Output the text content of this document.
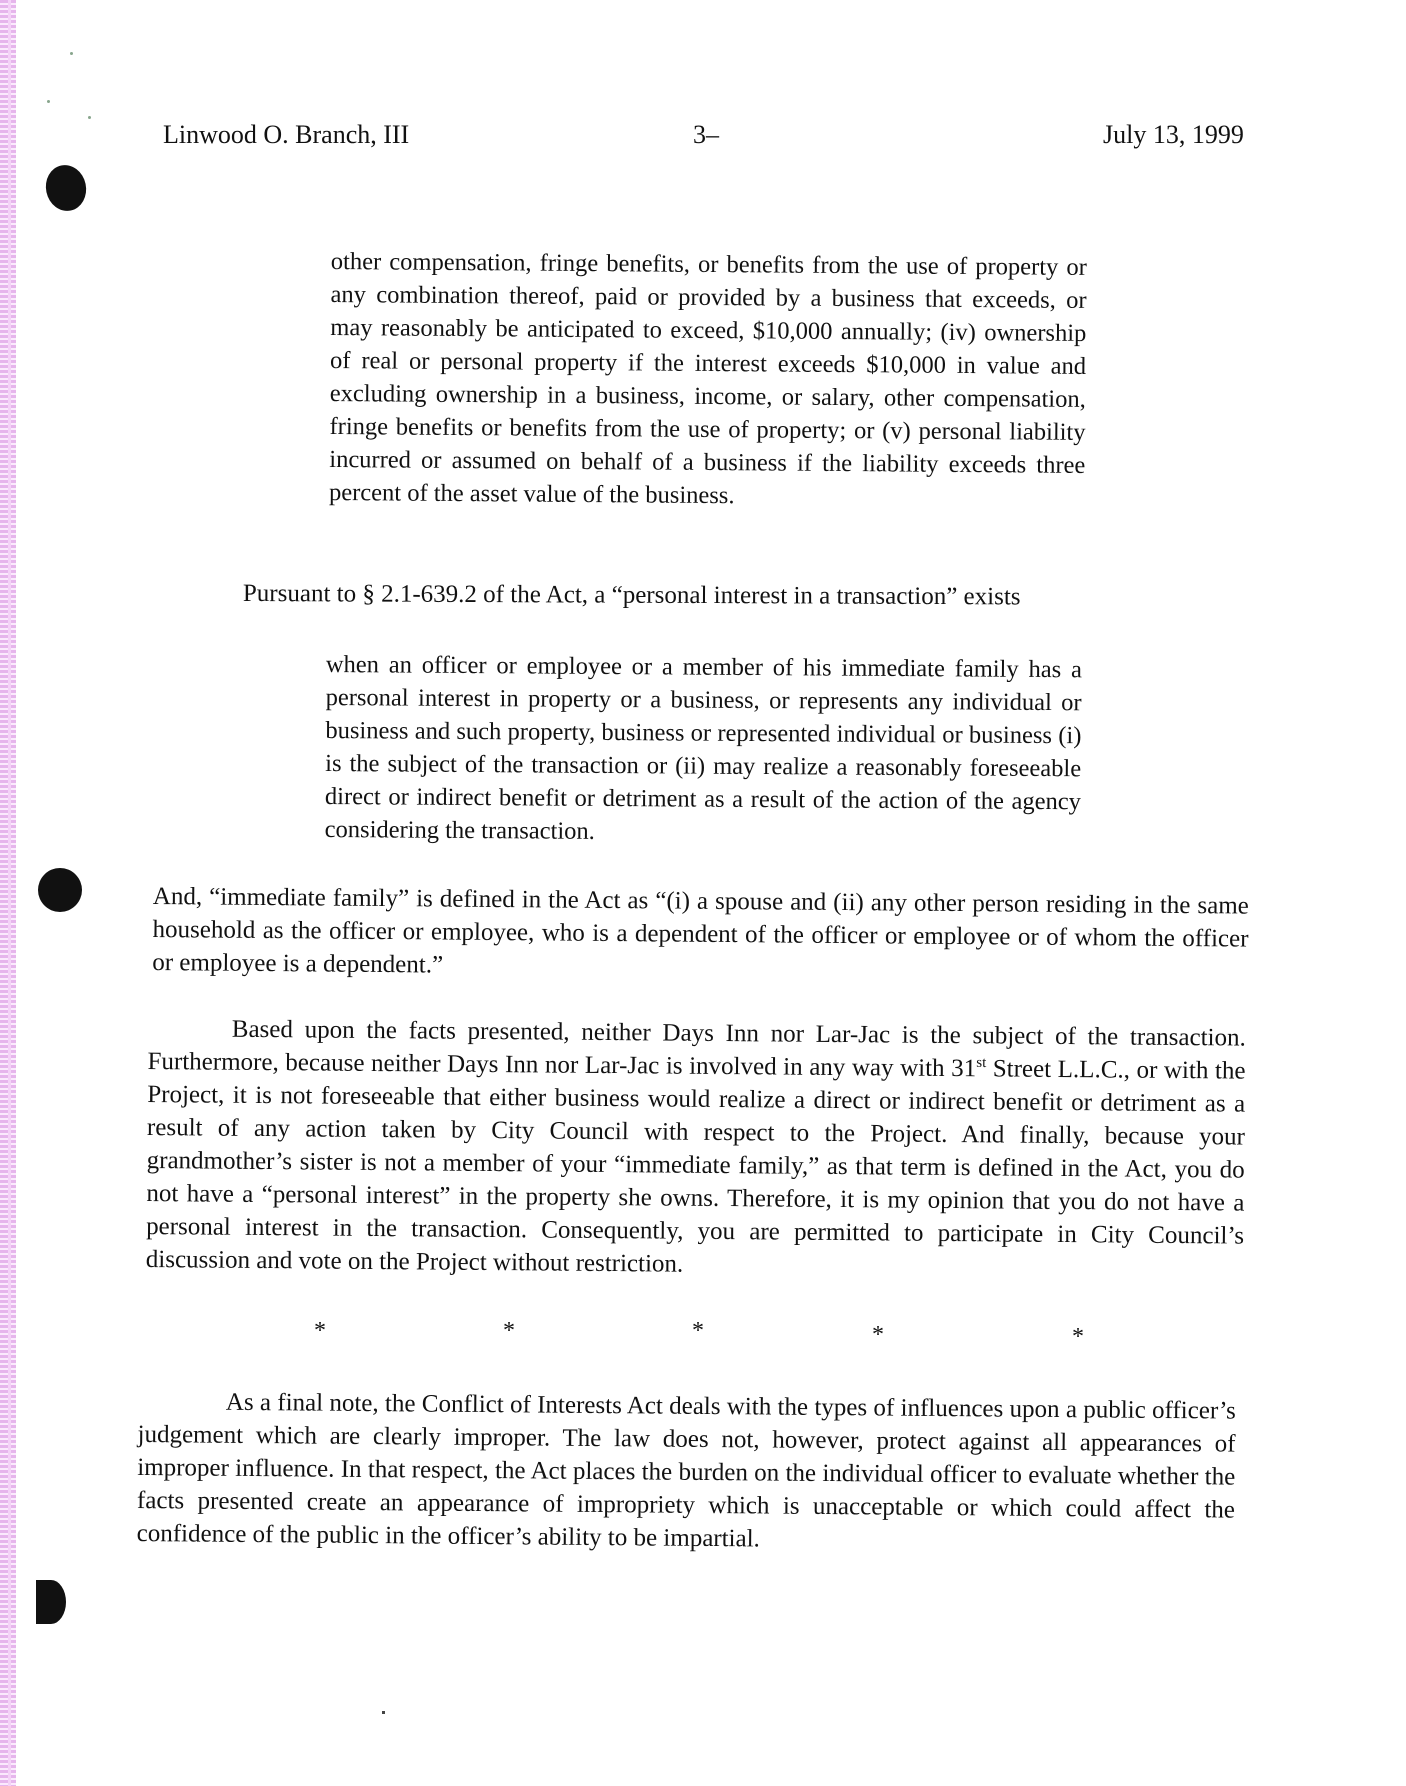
Linwood O. Branch, III	3–	July 13, 1999

other compensation, fringe benefits, or benefits from the use of property or any combination thereof, paid or provided by a business that exceeds, or may reasonably be anticipated to exceed, $10,000 annually; (iv) ownership of real or personal property if the interest exceeds $10,000 in value and excluding ownership in a business, income, or salary, other compensation, fringe benefits or benefits from the use of property; or (v) personal liability incurred or assumed on behalf of a business if the liability exceeds three percent of the asset value of the business.

Pursuant to § 2.1-639.2 of the Act, a “personal interest in a transaction” exists

when an officer or employee or a member of his immediate family has a personal interest in property or a business, or represents any individual or business and such property, business or represented individual or business (i) is the subject of the transaction or (ii) may realize a reasonably foreseeable direct or indirect benefit or detriment as a result of the action of the agency considering the transaction.

And, “immediate family” is defined in the Act as “(i) a spouse and (ii) any other person residing in the same household as the officer or employee, who is a dependent of the officer or employee or of whom the officer or employee is a dependent.”

Based upon the facts presented, neither Days Inn nor Lar-Jac is the subject of the transaction. Furthermore, because neither Days Inn nor Lar-Jac is involved in any way with 31st Street L.L.C., or with the Project, it is not foreseeable that either business would realize a direct or indirect benefit or detriment as a result of any action taken by City Council with respect to the Project. And finally, because your grandmother’s sister is not a member of your “immediate family,” as that term is defined in the Act, you do not have a “personal interest” in the property she owns. Therefore, it is my opinion that you do not have a personal interest in the transaction. Consequently, you are permitted to participate in City Council’s discussion and vote on the Project without restriction.

*	*	*	*	*

As a final note, the Conflict of Interests Act deals with the types of influences upon a public officer’s judgement which are clearly improper. The law does not, however, protect against all appearances of improper influence. In that respect, the Act places the burden on the individual officer to evaluate whether the facts presented create an appearance of impropriety which is unacceptable or which could affect the confidence of the public in the officer’s ability to be impartial.
